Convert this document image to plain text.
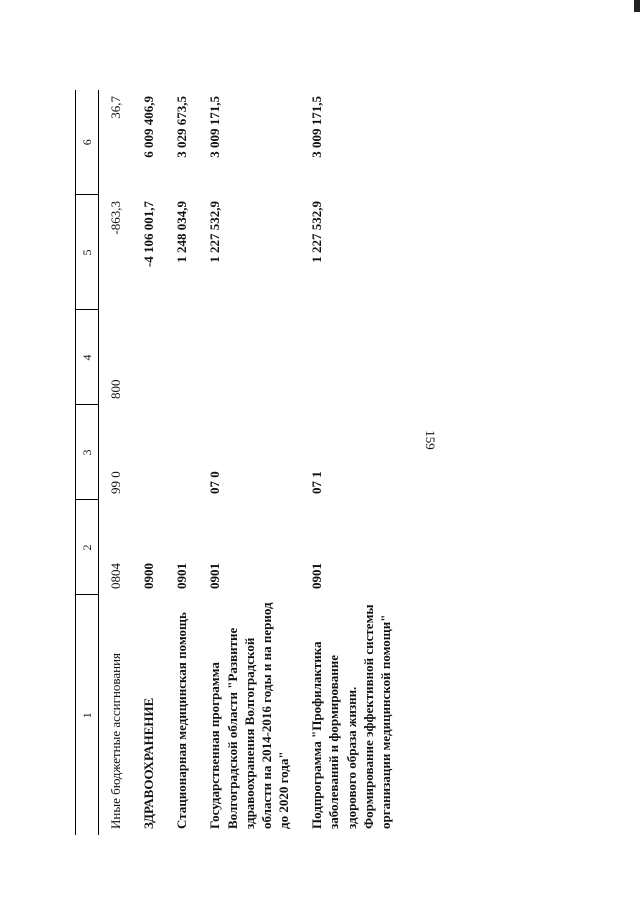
159
1	2	3	4	5	6
Иные бюджетные ассигнования	0804	99 0	800	-863,3	36,7
ЗДРАВООХРАНЕНИЕ	0900			-4 106 001,7	6 009 406,9
Стационарная медицинская помощь	0901			1 248 034,9	3 029 673,5
Государственная программа Волгоградской области "Развитие здравоохранения Волгоградской области на 2014-2016 годы и на период до 2020 года"	0901	07 0		1 227 532,9	3 009 171,5
Подпрограмма "Профилактика заболеваний и формирование здорового образа жизни. Формирование эффективной системы организации медицинской помощи"	0901	07 1		1 227 532,9	3 009 171,5
